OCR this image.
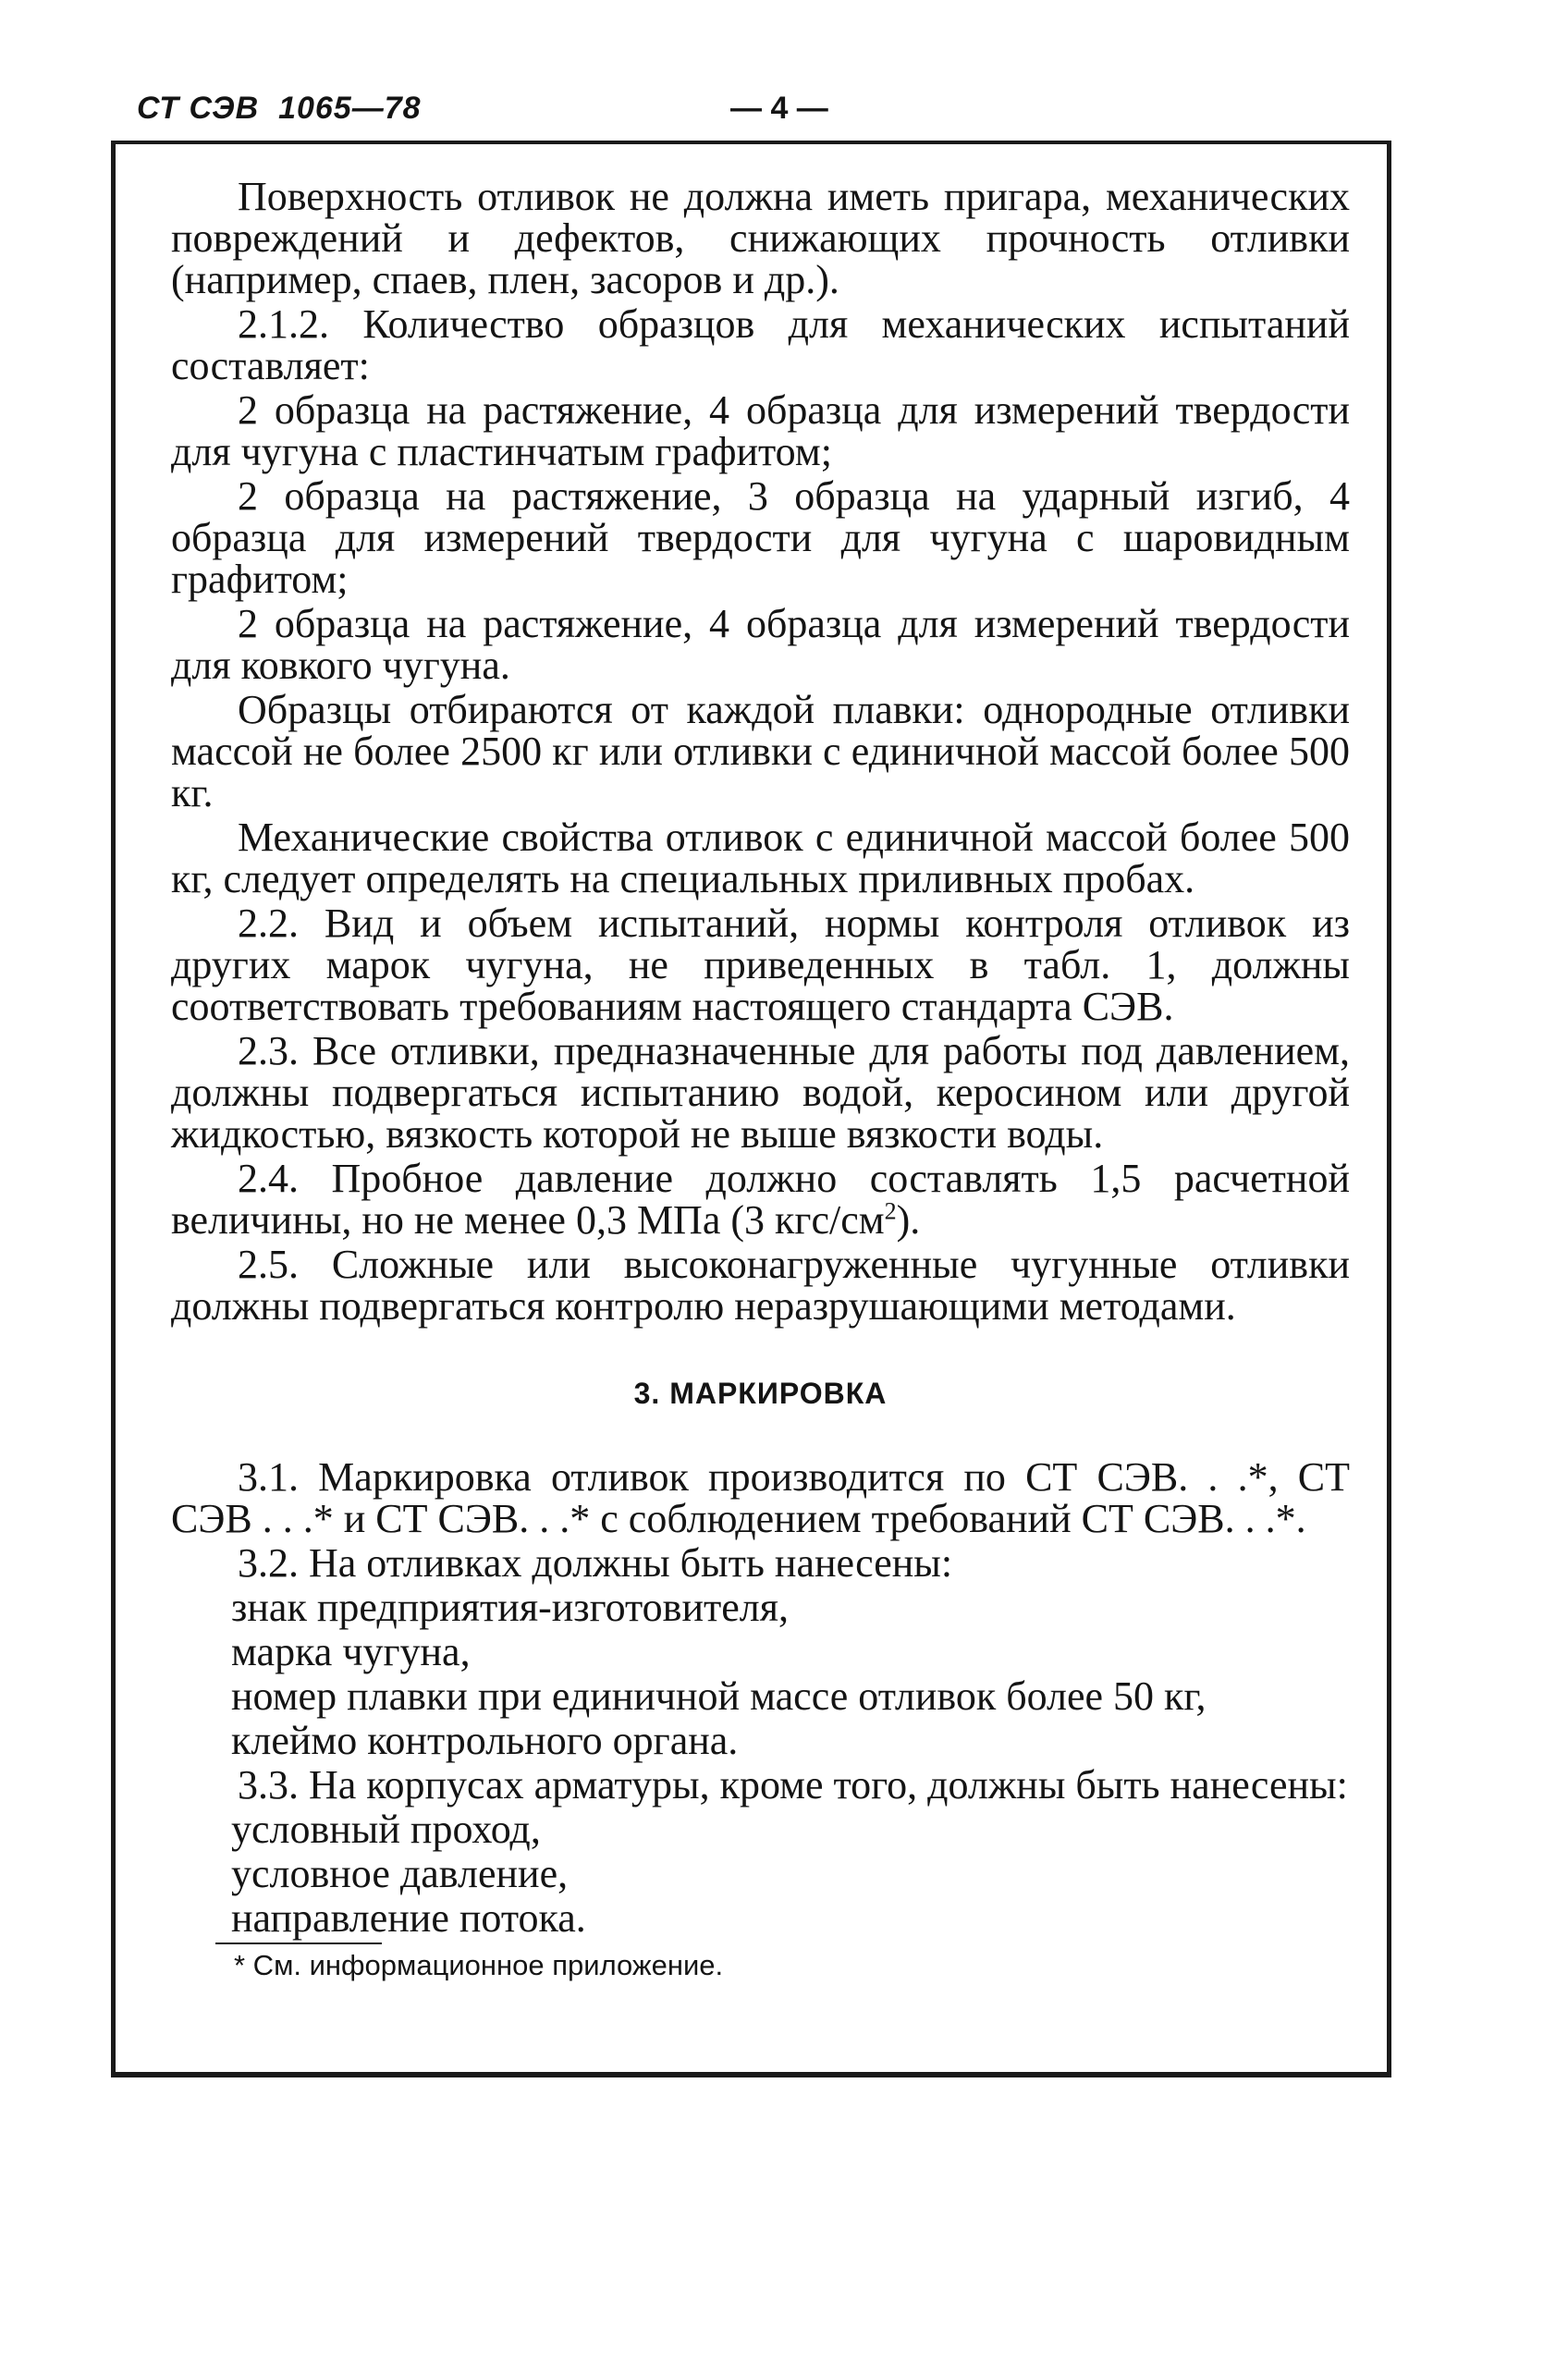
СТ СЭВ  1065—78	— 4 —

Поверхность отливок не должна иметь пригара, механических повреждений и дефектов, снижающих прочность отливки (например, спаев, плен, засоров и др.).

2.1.2. Количество образцов для механических испытаний составляет:

2 образца на растяжение, 4 образца для измерений твердости для чугуна с пластинчатым графитом;

2 образца на растяжение, 3 образца на ударный изгиб, 4 образца для измерений твердости для чугуна с шаровидным графитом;

2 образца на растяжение, 4 образца для измерений твердости для ковкого чугуна.

Образцы отбираются от каждой плавки: однородные отливки массой не более 2500 кг или отливки с единичной массой более 500 кг.

Механические свойства отливок с единичной массой более 500 кг, следует определять на специальных приливных пробах.

2.2. Вид и объем испытаний, нормы контроля отливок из других марок чугуна, не приведенных в табл. 1, должны соответствовать требованиям настоящего стандарта СЭВ.

2.3. Все отливки, предназначенные для работы под давлением, должны подвергаться испытанию водой, керосином или другой жидкостью, вязкость которой не выше вязкости воды.

2.4. Пробное давление должно составлять 1,5 расчетной величины, но не менее 0,3 МПа (3 кгс/$см^2$).

2.5. Сложные или высоконагруженные чугунные отливки должны подвергаться контролю неразрушающими методами.

3. МАРКИРОВКА

3.1. Маркировка отливок производится по СТ СЭВ. . .*, СТ СЭВ . . .* и СТ СЭВ. . .* с соблюдением требований СТ СЭВ. . .*.

3.2. На отливках должны быть нанесены:

знак предприятия-изготовителя,

марка чугуна,

номер плавки при единичной массе отливок более 50 кг,

клеймо контрольного органа.

3.3. На корпусах арматуры, кроме того, должны быть нанесены:

условный проход,

условное давление,

направление потока.

* См. информационное приложение.
